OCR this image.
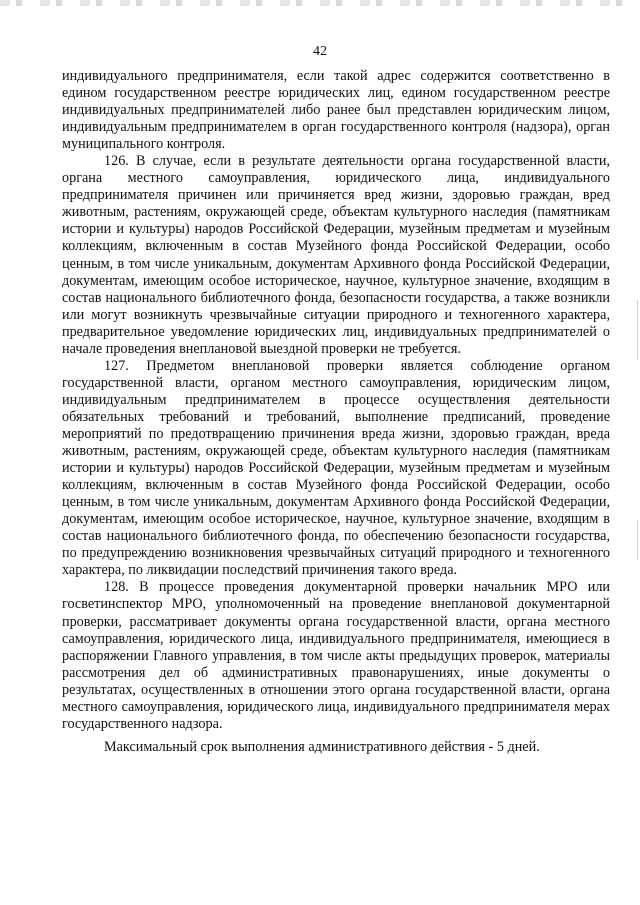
42

индивидуального предпринимателя, если такой адрес содержится соответственно в едином государственном реестре юридических лиц, едином государственном реестре индивидуальных предпринимателей либо ранее был представлен юридическим лицом, индивидуальным предпринимателем в орган государственного контроля (надзора), орган муниципального контроля.

126. В случае, если в результате деятельности органа государственной власти, органа местного самоуправления, юридического лица, индивидуального предпринимателя причинен или причиняется вред жизни, здоровью граждан, вред животным, растениям, окружающей среде, объектам культурного наследия (памятникам истории и культуры) народов Российской Федерации, музейным предметам и музейным коллекциям, включенным в состав Музейного фонда Российской Федерации, особо ценным, в том числе уникальным, документам Архивного фонда Российской Федерации, документам, имеющим особое историческое, научное, культурное значение, входящим в состав национального библиотечного фонда, безопасности государства, а также возникли или могут возникнуть чрезвычайные ситуации природного и техногенного характера, предварительное уведомление юридических лиц, индивидуальных предпринимателей о начале проведения внеплановой выездной проверки не требуется.

127. Предметом внеплановой проверки является соблюдение органом государственной власти, органом местного самоуправления, юридическим лицом, индивидуальным предпринимателем в процессе осуществления деятельности обязательных требований и требований, выполнение предписаний, проведение мероприятий по предотвращению причинения вреда жизни, здоровью граждан, вреда животным, растениям, окружающей среде, объектам культурного наследия (памятникам истории и культуры) народов Российской Федерации, музейным предметам и музейным коллекциям, включенным в состав Музейного фонда Российской Федерации, особо ценным, в том числе уникальным, документам Архивного фонда Российской Федерации, документам, имеющим особое историческое, научное, культурное значение, входящим в состав национального библиотечного фонда, по обеспечению безопасности государства, по предупреждению возникновения чрезвычайных ситуаций природного и техногенного характера, по ликвидации последствий причинения такого вреда.

128. В процессе проведения документарной проверки начальник МРО или госветинспектор МРО, уполномоченный на проведение внеплановой документарной проверки, рассматривает документы органа государственной власти, органа местного самоуправления, юридического лица, индивидуального предпринимателя, имеющиеся в распоряжении Главного управления, в том числе акты предыдущих проверок, материалы рассмотрения дел об административных правонарушениях, иные документы о результатах, осуществленных в отношении этого органа государственной власти, органа местного самоуправления, юридического лица, индивидуального предпринимателя мерах государственного надзора.

Максимальный срок выполнения административного действия - 5 дней.
